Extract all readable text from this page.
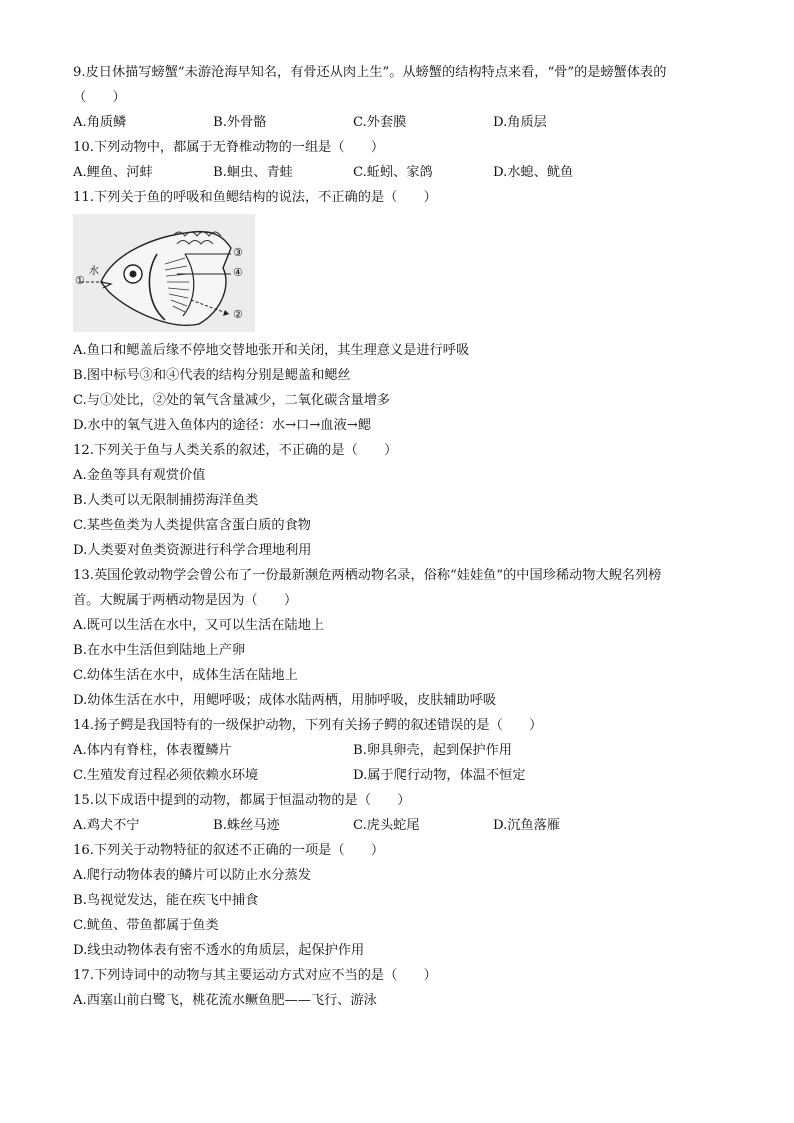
9.皮日休描写螃蟹“未游沧海早知名，有骨还从肉上生”。从螃蟹的结构特点来看，“骨”的是螃蟹体表的
（　　）
A.角质鳞	B.外骨骼	C.外套膜	D.角质层
10.下列动物中，都属于无脊椎动物的一组是（　　）
A.鲤鱼、河蚌	B.蛔虫、青蛙	C.蚯蚓、家鸽	D.水螅、鱿鱼
11.下列关于鱼的呼吸和鱼鳃结构的说法，不正确的是（　　）
水
①
②
③
④
A.鱼口和鳃盖后缘不停地交替地张开和关闭，其生理意义是进行呼吸
B.图中标号③和④代表的结构分别是鳃盖和鳃丝
C.与①处比，②处的氧气含量减少，二氧化碳含量增多
D.水中的氧气进入鱼体内的途径：水→口→血液→鳃
12.下列关于鱼与人类关系的叙述，不正确的是（　　）
A.金鱼等具有观赏价值
B.人类可以无限制捕捞海洋鱼类
C.某些鱼类为人类提供富含蛋白质的食物
D.人类要对鱼类资源进行科学合理地利用
13.英国伦敦动物学会曾公布了一份最新濒危两栖动物名录，俗称“娃娃鱼”的中国珍稀动物大鲵名列榜
首。大鲵属于两栖动物是因为（　　）
A.既可以生活在水中，又可以生活在陆地上
B.在水中生活但到陆地上产卵
C.幼体生活在水中，成体生活在陆地上
D.幼体生活在水中，用鳃呼吸；成体水陆两栖，用肺呼吸，皮肤辅助呼吸
14.扬子鳄是我国特有的一级保护动物，下列有关扬子鳄的叙述错误的是（　　）
A.体内有脊柱，体表覆鳞片	B.卵具卵壳，起到保护作用
C.生殖发育过程必须依赖水环境	D.属于爬行动物，体温不恒定
15.以下成语中提到的动物，都属于恒温动物的是（　　）
A.鸡犬不宁	B.蛛丝马迹	C.虎头蛇尾	D.沉鱼落雁
16.下列关于动物特征的叙述不正确的一项是（　　）
A.爬行动物体表的鳞片可以防止水分蒸发
B.鸟视觉发达，能在疾飞中捕食
C.鱿鱼、带鱼都属于鱼类
D.线虫动物体表有密不透水的角质层，起保护作用
17.下列诗词中的动物与其主要运动方式对应不当的是（　　）
A.西塞山前白鹭飞，桃花流水鳜鱼肥——飞行、游泳
